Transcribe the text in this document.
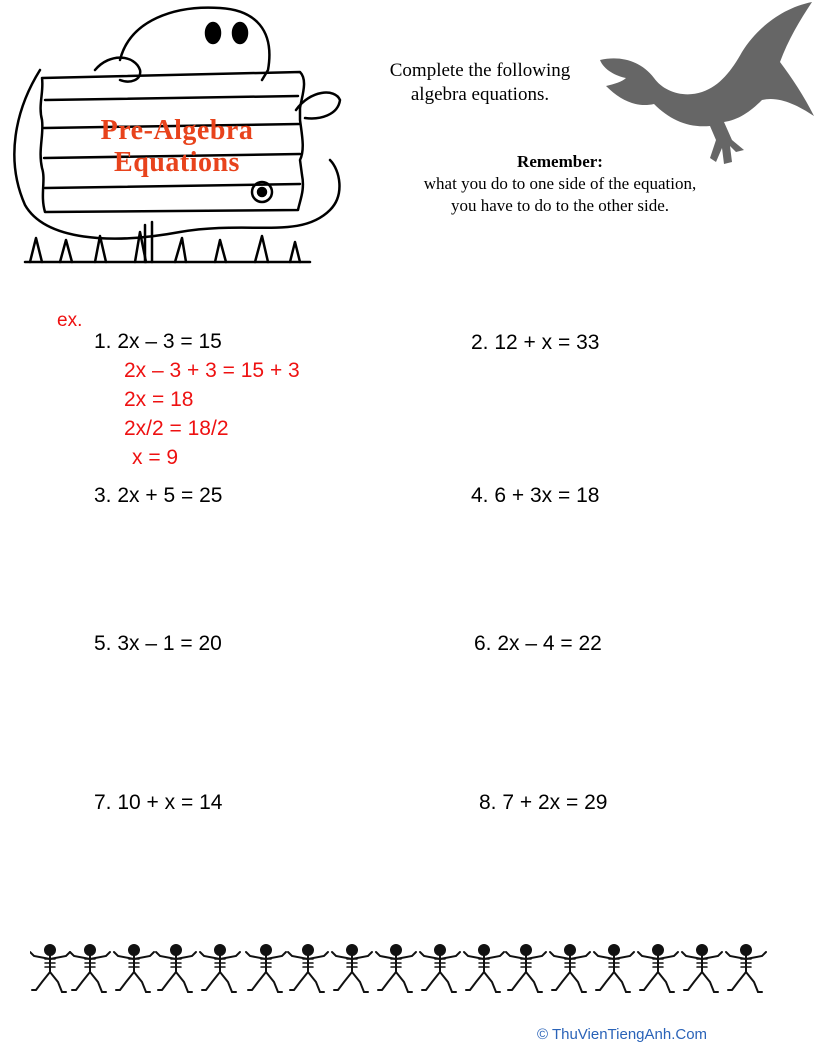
Pre-Algebra
Equations
Complete the following
algebra equations.
Remember:
what you do to one side of the equation,
you have to do to the other side.
ex.
1. 2x – 3 = 15
2x – 3 + 3 = 15 + 3
2x = 18
2x/2 = 18/2
x = 9
2. 12 + x = 33
3. 2x + 5 = 25	4. 6 + 3x = 18
5. 3x – 1 = 20	6. 2x – 4 = 22
7. 10 + x = 14	8. 7 + 2x = 29
© ThuVienTiengAnh.Com
